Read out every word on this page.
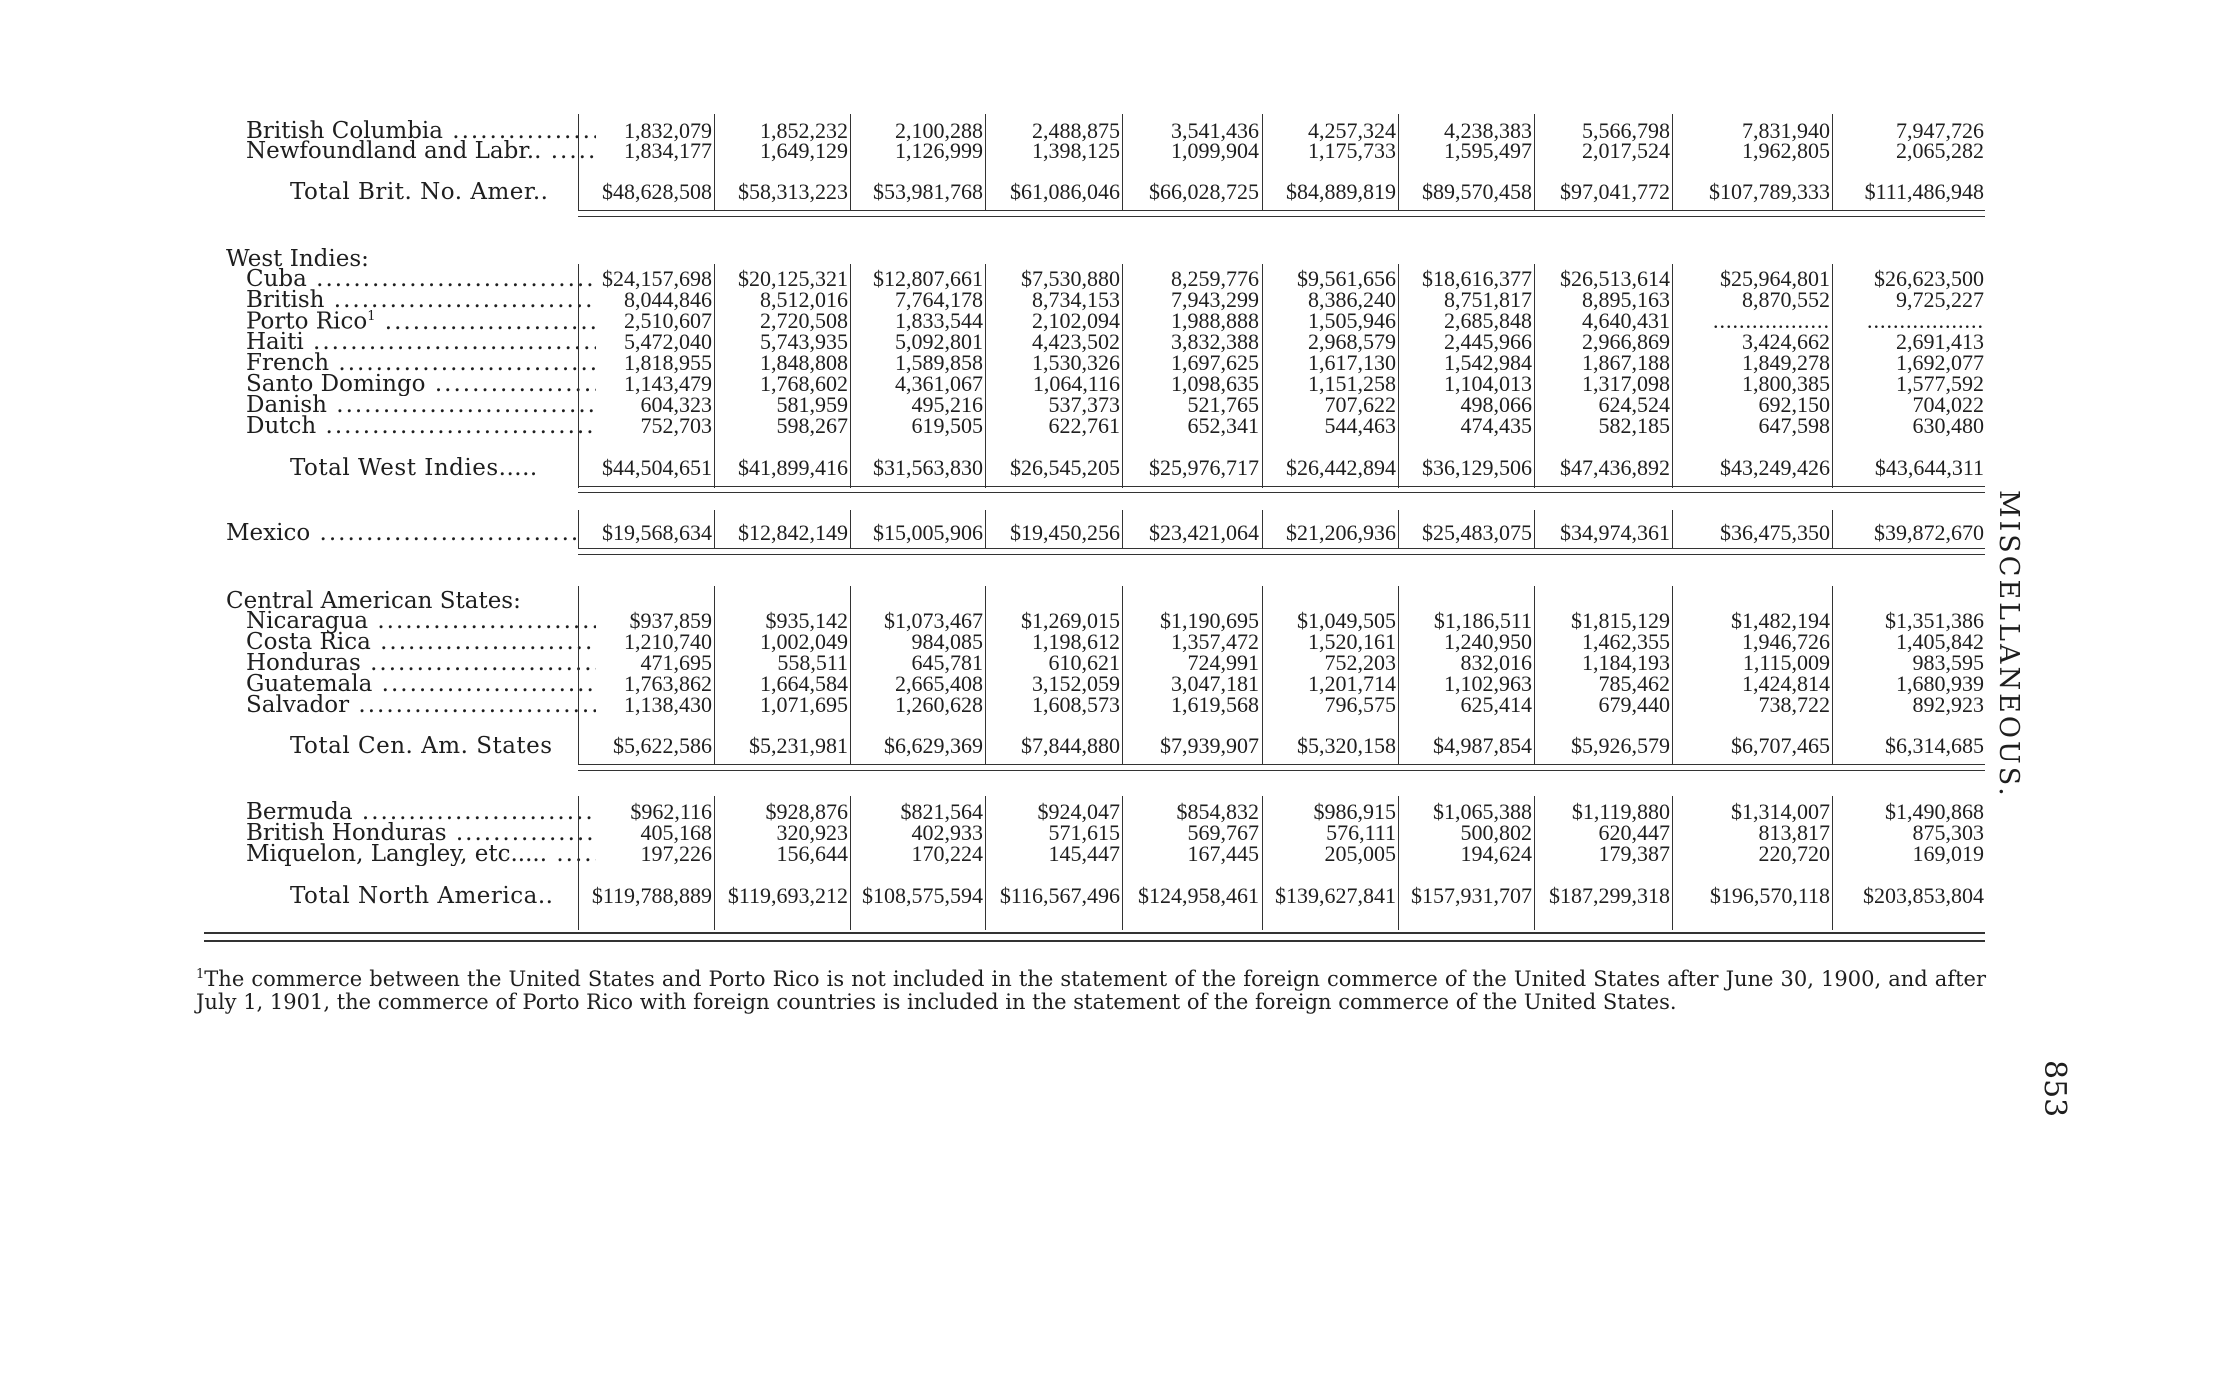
British Columbia .....	1,832,079 1,852,232 2,100,288 2,488,875 3,541,436 4,257,324 4,238,383 5,566,798	7,831,940	7,947,726
Newfoundland and Labr.. .....	1,834,177 1,649,129 1,126,999 1,398,125 1,099,904 1,175,733 1,595,497 2,017,524	1,962,805	2,065,282
Total Brit. No. Amer..	$48,628,508 $58,313,223 $53,981,768 $61,086,046 $66,028,725 $84,889,819 $89,570,458 $97,041,772 $107,789,333 $111,486,948
West Indies:
Cuba .....	$24,157,698 $20,125,321 $12,807,661 $7,530,880 8,259,776 $9,561,656 $18,616,377 $26,513,614 $25,964,801 $26,623,500
British .....	8,044,846 8,512,016 7,764,178 8,734,153 7,943,299 8,386,240 8,751,817 8,895,163	8,870,552	9,725,227
Porto Rico$^1$ .....	2,510,607 2,720,508 1,833,544 2,102,094 1,988,888 1,505,946 2,685,848 4,640,431 .................. ..................
Haiti .....	5,472,040 5,743,935 5,092,801 4,423,502 3,832,388 2,968,579 2,445,966 2,966,869	3,424,662	2,691,413
French .....	1,818,955 1,848,808 1,589,858 1,530,326 1,697,625 1,617,130 1,542,984 1,867,188	1,849,278	1,692,077
Santo Domingo .....	1,143,479 1,768,602 4,361,067 1,064,116 1,098,635 1,151,258 1,104,013 1,317,098	1,800,385	1,577,592
Danish .....	604,323	581,959	495,216	537,373	521,765	707,622	498,066	624,524	692,150	704,022
Dutch .....	752,703	598,267	619,505	622,761	652,341	544,463	474,435	582,185	647,598	630,480
Total West Indies.....	$44,504,651 $41,899,416 $31,563,830 $26,545,205 $25,976,717 $26,442,894 $36,129,506 $47,436,892 $43,249,426 $43,644,311
Mexico .....	$19,568,634 $12,842,149 $15,005,906 $19,450,256 $23,421,064 $21,206,936 $25,483,075 $34,974,361 $36,475,350 $39,872,670
Central American States:
Nicaragua .....	$937,859 $935,142 $1,073,467 $1,269,015 $1,190,695 $1,049,505 $1,186,511 $1,815,129	$1,482,194	$1,351,386
Costa Rica .....	1,210,740 1,002,049	984,085 1,198,612 1,357,472 1,520,161 1,240,950 1,462,355	1,946,726	1,405,842
Honduras .....	471,695	558,511	645,781	610,621	724,991	752,203	832,016 1,184,193	1,115,009	983,595
Guatemala .....	1,763,862 1,664,584 2,665,408 3,152,059 3,047,181 1,201,714 1,102,963	785,462	1,424,814	1,680,939
Salvador .....	1,138,430 1,071,695 1,260,628 1,608,573 1,619,568	796,575	625,414	679,440	738,722	892,923
Total Cen. Am. States	$5,622,586 $5,231,981 $6,629,369 $7,844,880 $7,939,907 $5,320,158 $4,987,854 $5,926,579	$6,707,465	$6,314,685
Bermuda .....	$962,116 $928,876 $821,564 $924,047	$854,832 $986,915 $1,065,388 $1,119,880	$1,314,007	$1,490,868
British Honduras .....	405,168	320,923	402,933	571,615	569,767	576,111	500,802	620,447	813,817	875,303
Miquelon, Langley, etc..... .....	197,226	156,644	170,224	145,447	167,445	205,005	194,624	179,387	220,720	169,019
Total North America..	$119,788,889 $119,693,212 $108,575,594 $116,567,496 $124,958,461 $139,627,841 $157,931,707 $187,299,318 $196,570,118 $203,853,804
MISCELLANEOUS.
853
$^1$The commerce between the United States and Porto Rico is not included in the statement of the foreign commerce of the United States after June 30, 1900, and after July 1, 1901, the commerce of Porto Rico with foreign countries is included in the statement of the foreign commerce of the United States.
